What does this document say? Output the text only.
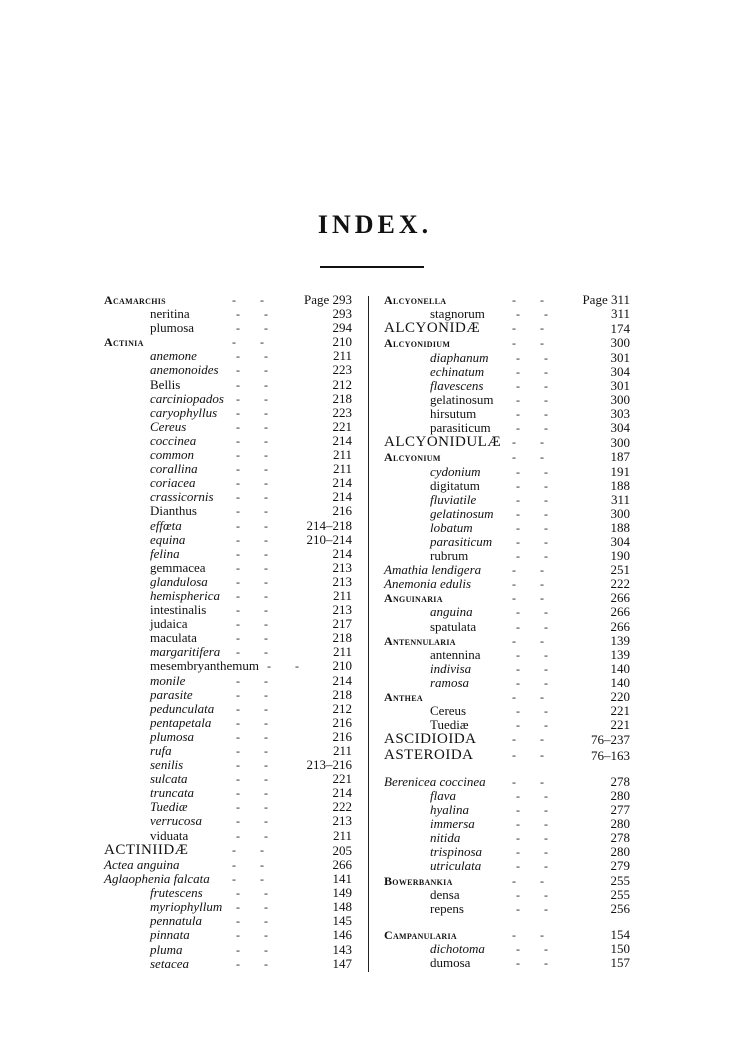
INDEX.
Acamarchis	-  -	Page 293
neritina	-  -	293
plumosa	-  -	294
Actinia	-  -	210
anemone	-  -	211
anemonoides -  -	223
Bellis	-  -	212
carciniopados -  -	218
caryophyllus -  -	223
Cereus	-  -	221
coccinea	-  -	214
common	-  -	211
corallina	-  -	211
coriacea	-  -	214
crassicornis -  -	214
Dianthus	-  -	216
effœta	-  -	214–218
equina	-  -	210–214
felina	-  -	214
gemmacea	-  -	213
glandulosa -  -	213
hemispherica -  -	211
intestinalis -  -	213
judaica	-  -	217
maculata	-  -	218
margaritifera -  -	211
mesembryanthemum -  -	210
monile	-  -	214
parasite	-  -	218
pedunculata -  -	212
pentapetala -  -	216
plumosa	-  -	216
rufa	-  -	211
senilis	-  -	213–216
sulcata	-  -	221
truncata	-  -	214
Tuediæ	-  -	222
verrucosa	-  -	213
viduata	-  -	211
ACTINIIDÆ	-  -	205
Actea anguina	-  -	266
Aglaophenia falcata -  -	141
frutescens	-  -	149
myriophyllum -  -	148
pennatula	-  -	145
pinnata	-  -	146
pluma	-  -	143
setacea	-  -	147
Alcyonella	-  -	Page 311
stagnorum	-  -	311
ALCYONIDÆ	-  -	174
Alcyonidium	-  -	300
diaphanum -  -	301
echinatum	-  -	304
flavescens	-  -	301
gelatinosum -  -	300
hirsutum	-  -	303
parasiticum -  -	304
ALCYONIDULÆ -  -	300
Alcyonium	-  -	187
cydonium	-  -	191
digitatum	-  -	188
fluviatile	-  -	311
gelatinosum -  -	300
lobatum	-  -	188
parasiticum -  -	304
rubrum	-  -	190
Amathia lendigera	-  -	251
Anemonia edulis	-  -	222
Anguinaria	-  -	266
anguina	-  -	266
spatulata	-  -	266
Antennularia	-  -	139
antennina	-  -	139
indivisa	-  -	140
ramosa	-  -	140
Anthea	-  -	220
Cereus	-  -	221
Tuediæ	-  -	221
ASCIDIOIDA	-  -	76–237
ASTEROIDA	-  -	76–163
Berenicea coccinea -  -	278
flava	-  -	280
hyalina	-  -	277
immersa	-  -	280
nitida	-  -	278
trispinosa	-  -	280
utriculata	-  -	279
Bowerbankia	-  -	255
densa	-  -	255
repens	-  -	256
Campanularia	-  -	154
dichotoma	-  -	150
dumosa	-  -	157
